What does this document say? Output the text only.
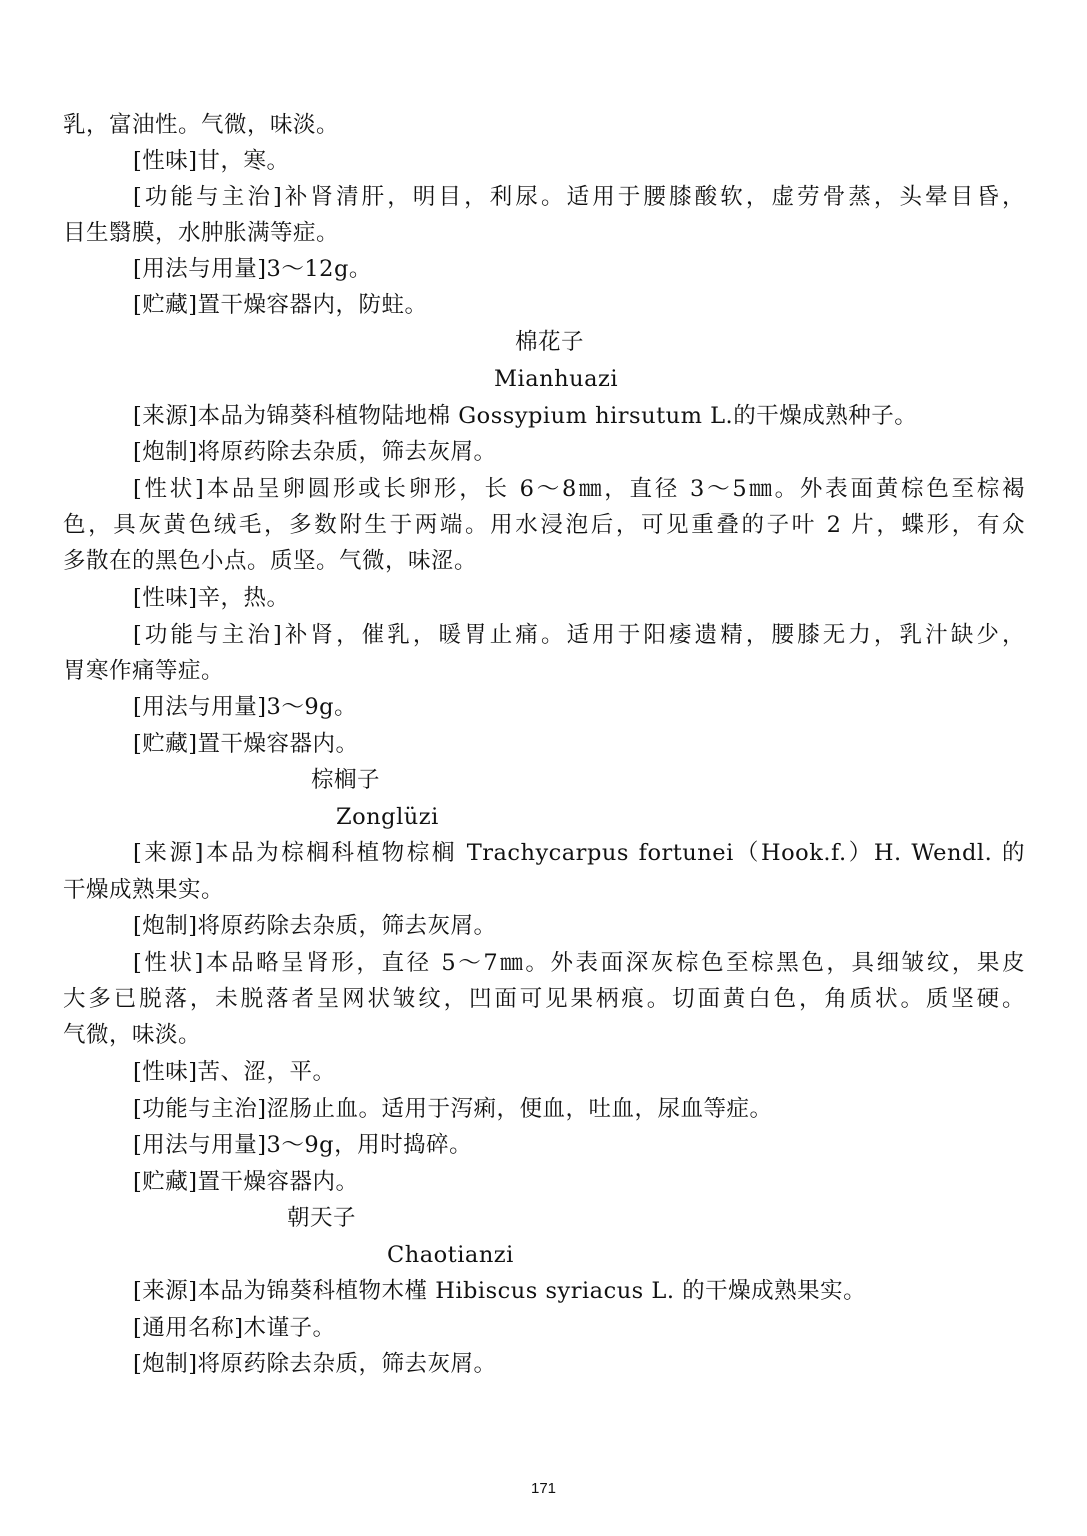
乳，富油性。气微，味淡。
[性味]甘，寒。
[功能与主治]补肾清肝，明目，利尿。适用于腰膝酸软，虚劳骨蒸，头晕目昏，
目生翳膜，水肿胀满等症。
[用法与用量]3～12g。
[贮藏]置干燥容器内，防蛀。
棉花子
Mianhuazi
[来源]本品为锦葵科植物陆地棉 Gossypium hirsutum L.的干燥成熟种子。
[炮制]将原药除去杂质，筛去灰屑。
[性状]本品呈卵圆形或长卵形，长 6～8㎜，直径 3～5㎜。外表面黄棕色至棕褐
色，具灰黄色绒毛，多数附生于两端。用水浸泡后，可见重叠的子叶 2 片，蝶形，有众
多散在的黑色小点。质坚。气微，味涩。
[性味]辛，热。
[功能与主治]补肾，催乳，暖胃止痛。适用于阳痿遗精，腰膝无力，乳汁缺少，
胃寒作痛等症。
[用法与用量]3～9g。
[贮藏]置干燥容器内。
棕榈子
Zonglüzi
[来源]本品为棕榈科植物棕榈 Trachycarpus fortunei（Hook.f.）H. Wendl. 的
干燥成熟果实。
[炮制]将原药除去杂质，筛去灰屑。
[性状]本品略呈肾形，直径 5～7㎜。外表面深灰棕色至棕黑色，具细皱纹，果皮
大多已脱落，未脱落者呈网状皱纹，凹面可见果柄痕。切面黄白色，角质状。质坚硬。
气微，味淡。
[性味]苦、涩，平。
[功能与主治]涩肠止血。适用于泻痢，便血，吐血，尿血等症。
[用法与用量]3～9g，用时捣碎。
[贮藏]置干燥容器内。
朝天子
Chaotianzi
[来源]本品为锦葵科植物木槿 Hibiscus syriacus L. 的干燥成熟果实。
[通用名称]木谨子。
[炮制]将原药除去杂质，筛去灰屑。
171
